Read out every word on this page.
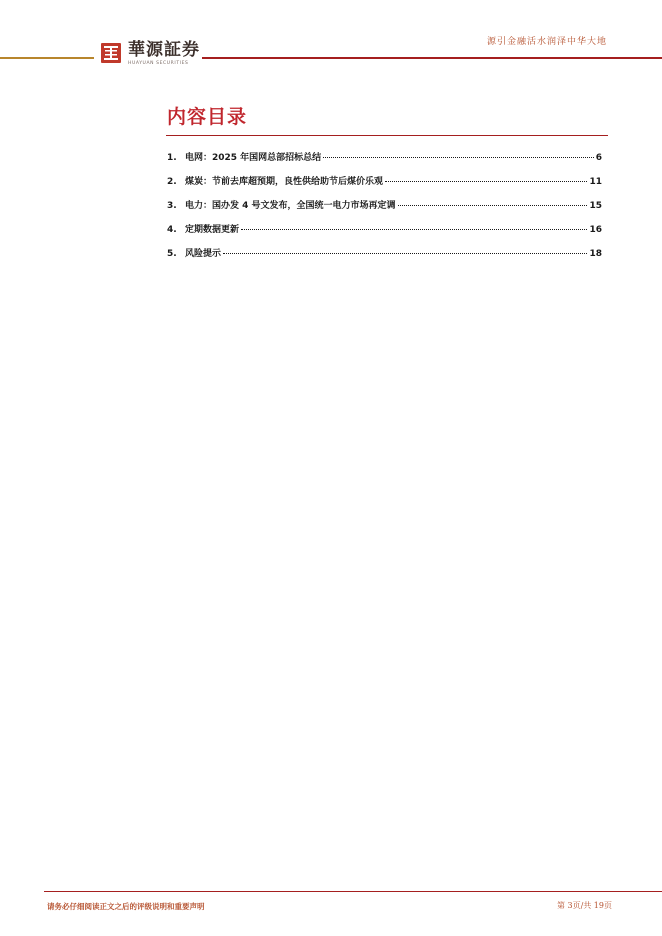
華源証券
HUAYUAN SECURITIES
源引金融活水润泽中华大地
内容目录
1. 电网：2025 年国网总部招标总结	6
2. 煤炭：节前去库超预期，良性供给助节后煤价乐观	11
3. 电力：国办发 4 号文发布，全国统一电力市场再定调	15
4. 定期数据更新	16
5. 风险提示	18
请务必仔细阅读正文之后的评级说明和重要声明	第 3页/共 19页
